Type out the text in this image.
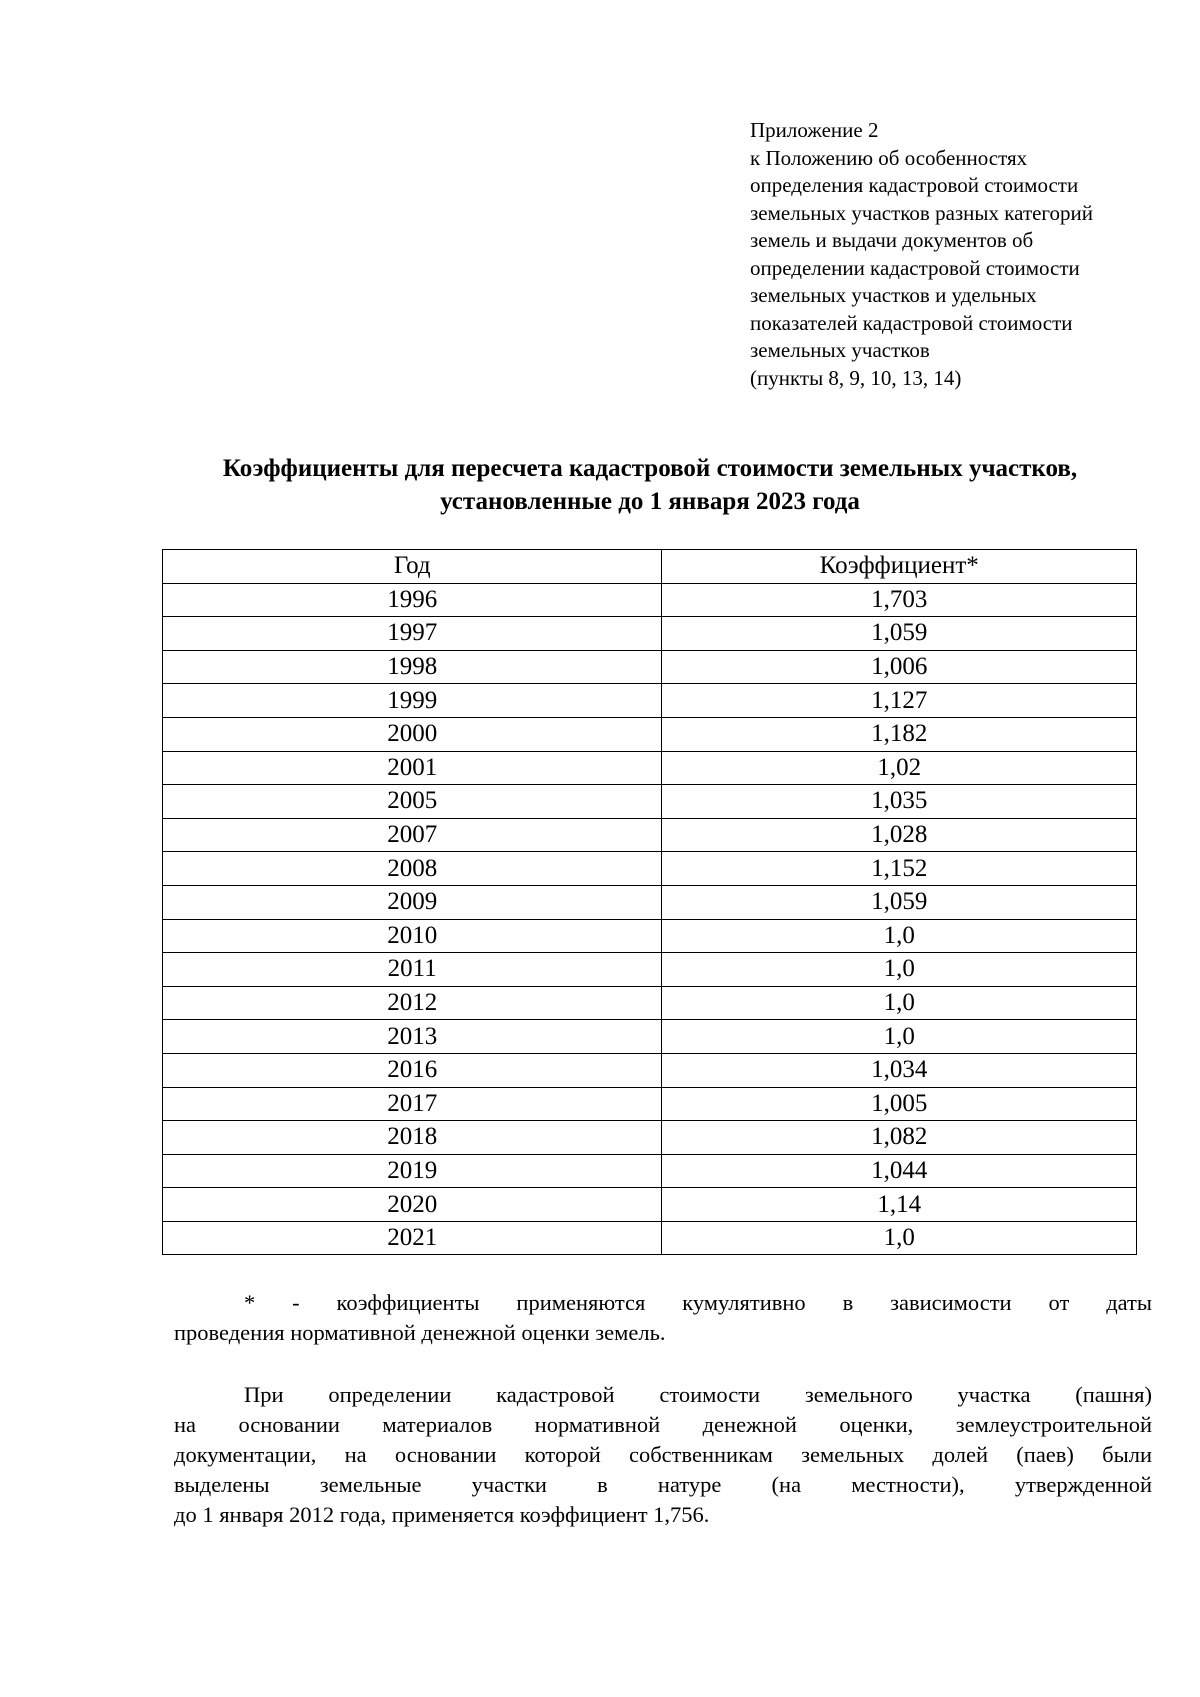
Приложение 2
к Положению об особенностях
определения кадастровой стоимости
земельных участков разных категорий
земель и выдачи документов об
определении кадастровой стоимости
земельных участков и удельных
показателей кадастровой стоимости
земельных участков
(пункты 8, 9, 10, 13, 14)
Коэффициенты для пересчета кадастровой стоимости земельных участков,
установленные до 1 января 2023 года
Год	Коэффициент*
1996	1,703
1997	1,059
1998	1,006
1999	1,127
2000	1,182
2001	1,02
2005	1,035
2007	1,028
2008	1,152
2009	1,059
2010	1,0
2011	1,0
2012	1,0
2013	1,0
2016	1,034
2017	1,005
2018	1,082
2019	1,044
2020	1,14
2021	1,0
* - коэффициенты применяются кумулятивно в зависимости от даты
проведения нормативной денежной оценки земель.
При определении кадастровой стоимости земельного участка (пашня)
на основании материалов нормативной денежной оценки, землеустроительной
документации, на основании которой собственникам земельных долей (паев) были
выделены земельные участки в натуре (на местности), утвержденной
до 1 января 2012 года, применяется коэффициент 1,756.
